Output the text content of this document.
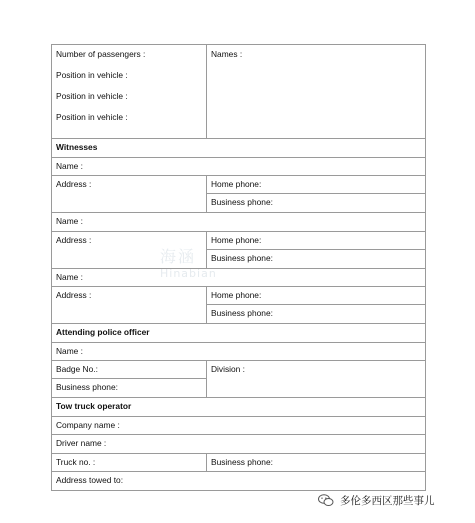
海涵
Hinabian
Number of passengers :
Position in vehicle :
Position in vehicle :
Position in vehicle :
Names :
Witnesses
Name :
Address :	Home phone:
Business phone:
Name :
Address :	Home phone:
Business phone:
Name :
Address :	Home phone:
Business phone:
Attending police officer
Name :
Badge No.:
Business phone:
Division :
Tow truck operator
Company name :
Driver name :
Truck no. :	Business phone:
Address towed to:
多伦多西区那些事儿
